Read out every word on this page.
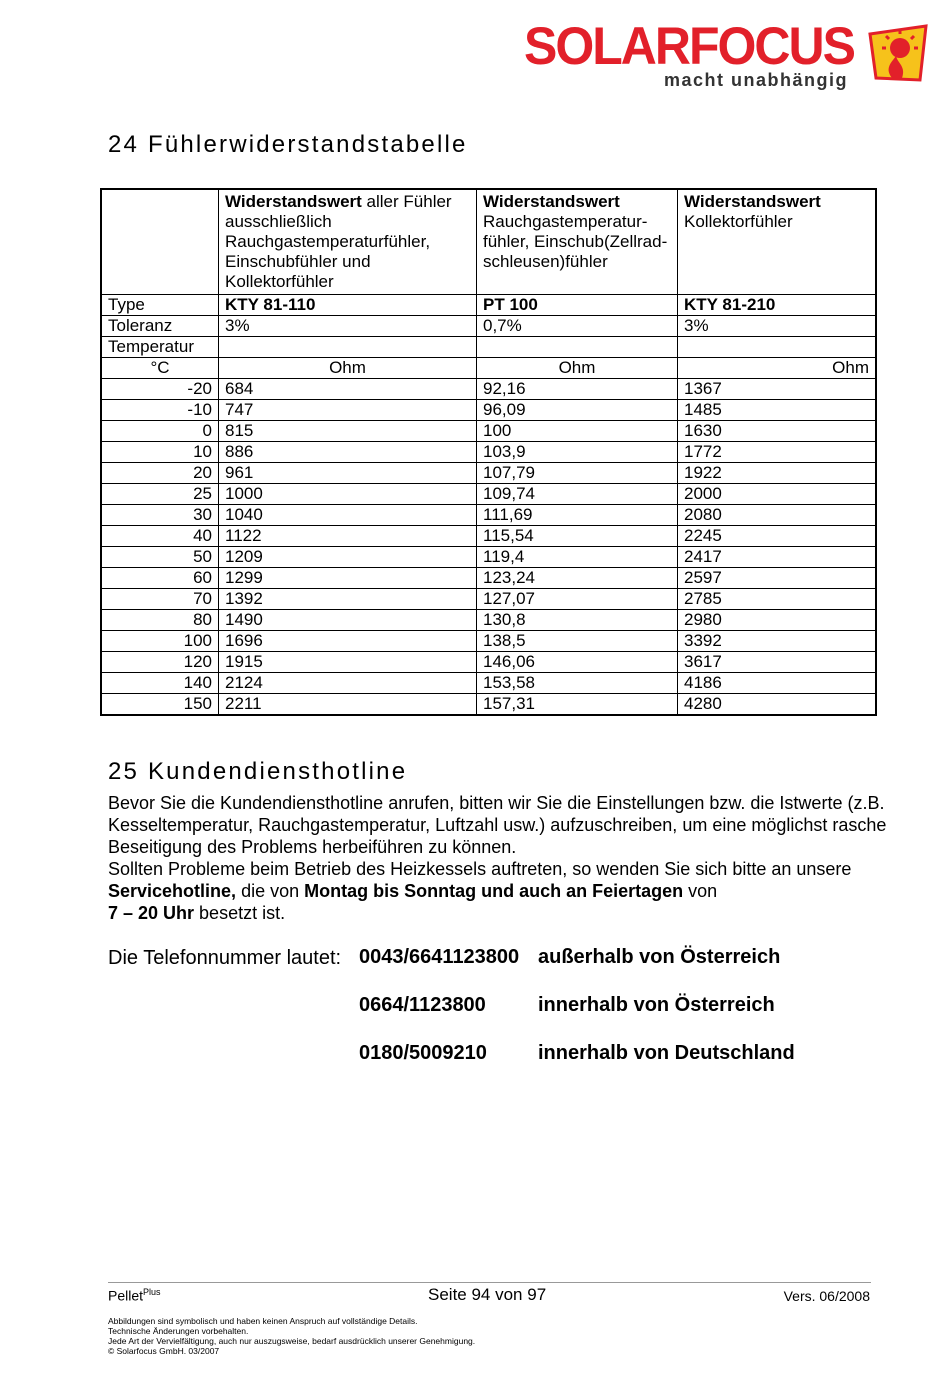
SOLARFOCUS
macht unabhängig
24 Fühlerwiderstandstabelle
	Widerstandswert aller Fühler ausschließlich Rauchgastemperaturfühler, Einschubfühler und Kollektorfühler	Widerstandswert Rauchgastemperatur-fühler, Einschub(Zellrad-schleusen)fühler	Widerstandswert Kollektorfühler
Type	KTY 81-110	PT 100	KTY 81-210
Toleranz	3%	0,7%	3%
Temperatur			
°C	Ohm	Ohm	Ohm
-20	684	92,16	1367
-10	747	96,09	1485
0	815	100	1630
10	886	103,9	1772
20	961	107,79	1922
25	1000	109,74	2000
30	1040	111,69	2080
40	1122	115,54	2245
50	1209	119,4	2417
60	1299	123,24	2597
70	1392	127,07	2785
80	1490	130,8	2980
100	1696	138,5	3392
120	1915	146,06	3617
140	2124	153,58	4186
150	2211	157,31	4280
25 Kundendiensthotline

Bevor Sie die Kundendiensthotline anrufen, bitten wir Sie die Einstellungen bzw. die Istwerte (z.B. Kesseltemperatur, Rauchgastemperatur, Luftzahl usw.) aufzuschreiben, um eine möglichst rasche Beseitigung des Problems herbeiführen zu können.

Sollten Probleme beim Betrieb des Heizkessels auftreten, so wenden Sie sich bitte an unsere Servicehotline, die von Montag bis Sonntag und auch an Feiertagen von
7 – 20 Uhr besetzt ist.

Die Telefonnummer lautet: 0043/6641123800 außerhalb von Österreich
0664/1123800	innerhalb von Österreich
0180/5009210	innerhalb von Deutschland
Pellet$^{Plus}$	Seite 94 von 97	Vers. 06/2008
Abbildungen sind symbolisch und haben keinen Anspruch auf vollständige Details.
Technische Änderungen vorbehalten.
Jede Art der Vervielfältigung, auch nur auszugsweise, bedarf ausdrücklich unserer Genehmigung.
© Solarfocus GmbH. 03/2007
